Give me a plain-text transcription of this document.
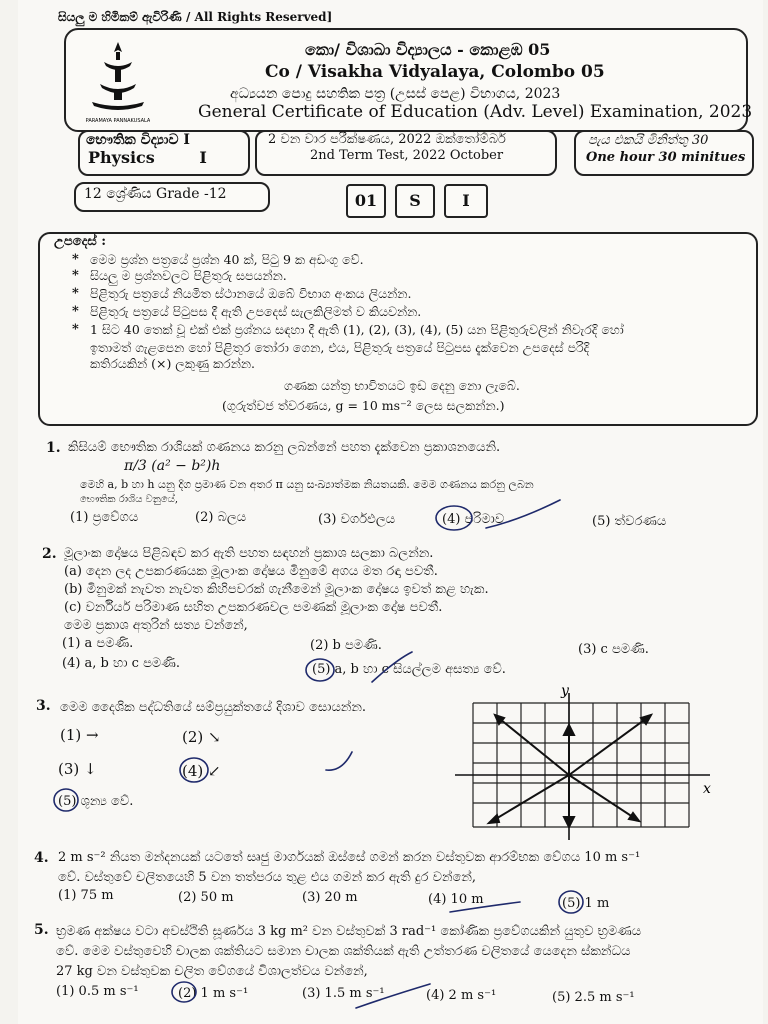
සියලු ම හිමිකම් ඇවිරිණි / All Rights Reserved]
PARAMAYA PANNAKUSALA
කො/ විශාඛා විද්‍යාලය - කොළඹ 05
Co / Visakha Vidyalaya, Colombo 05
අධ්‍යයන පොදු සහතික පත්‍ර (උසස් පෙළ) විභාගය, 2023
General Certificate of Education (Adv. Level) Examination, 2023
භෞතික විද්‍යාව I
Physics        I
2 වන වාර පරීක්ෂණය, 2022 ඔක්තෝම්බර්
2nd Term Test, 2022 October
පැය එකයි මිනිත්තු 30
One hour 30 minitues
12 ශ්‍රේණිය Grade -12	01	S	I
උපදෙස් :
* මෙම ප්‍රශ්න පත්‍රයේ ප්‍රශ්න 40 ක්, පිටු 9 ක අඩංගු වේ.
* සියලු ම ප්‍රශ්නවලට පිළිතුරු සපයන්න.
* පිළිතුරු පත්‍රයේ නියමිත ස්ථානයේ ඔබේ විභාග අංකය ලියන්න.
* පිළිතුරු පත්‍රයේ පිටුපස දී ඇති උපදෙස් සැලකිලිමත් ව කියවන්න.
* 1 සිට 40 තෙක් වූ එක් එක් ප්‍රශ්නය සඳහා දී ඇති (1), (2), (3), (4), (5) යන පිළිතුරුවලින් නිවැරදි හෝ
ඉතාමත් ගැළපෙන හෝ පිළිතුර තෝරා ගෙන, එය, පිළිතුරු පත්‍රයේ පිටුපස දැක්වෙන උපදෙස් පරිදි
කතිරයකින් (×) ලකුණු කරන්න.
ගණක යන්ත්‍ර භාවිතයට ඉඩ දෙනු නො ලැබේ.
(ගුරුත්වජ ත්වරණය, g = 10 ms⁻² ලෙස සලකන්න.)
1. කිසියම් භෞතික රාශියක් ගණනය කරනු ලබන්නේ පහත දැක්වෙන ප්‍රකාශනයෙනි.
π/3 (a² − b²)h
මෙහි a, b හා h යනු දිග ප්‍රමාණ වන අතර π යනු සංඛ්‍යාත්මක නියතයකි. මෙම ගණනය කරනු ලබන
භෞතික රාශිය වනුයේ,
(1) ප්‍රවේගය	(2) බලය	(3) වර්ගඵලය	(4) පරිමාව	(5) ත්වරණය
2. මූලාංක දෝෂය පිළිබඳව කර ඇති පහත සඳහන් ප්‍රකාශ සලකා බලන්න.
(a) දෙන ලද උපකරණයක මූලාංක දෝෂය මිනුමේ අගය මත රඳා පවතී.
(b) මිනුමක් නැවත නැවත කිහිපවරක් ගැනීමෙන් මූලාංක දෝෂය ඉවත් කළ හැක.
(c) වර්නියර් පරිමාණ සහිත උපකරණවල පමණක් මූලාංක දෝෂ පවතී.
මෙම ප්‍රකාශ අතුරින් සත්‍ය වන්නේ,
(1) a පමණි.	(2) b පමණි.	(3) c පමණි.
(4) a, b හා c පමණි.	(5) a, b හා c සියල්ලම අසත්‍ය වේ.
3. මෙම දෛශික පද්ධතියේ සම්ප්‍රයුක්තයේ දිශාව සොයන්න.
(1) →	(2) ↘
(3) ↓	(4) ↙
(5) ශූන්‍ය වේ.
x
y
4. 2 m s⁻² නියත මන්දනයක් යටතේ සෘජු මාර්ගයක් ඔස්සේ ගමන් කරන වස්තුවක ආරම්භක වේගය 10 m s⁻¹
වේ. වස්තුවේ චලිතයෙහි 5 වන තත්පරය තුළ එය ගමන් කර ඇති දුර වන්නේ,
(1) 75 m	(2) 50 m	(3) 20 m	(4) 10 m	(5) 1 m
5. භ්‍රමණ අක්ෂය වටා අවස්ථිති සූර්ණය 3 kg m² වන වස්තුවක් 3 rad⁻¹ කෝණික ප්‍රවේගයකින් යුතුව භ්‍රමණය
වේ. මෙම වස්තුවෙහි චාලක ශක්තියට සමාන චාලක ශක්තියක් ඇති උත්තරණ චලිතයේ යෙදෙන ස්කන්ධය
27 kg වන වස්තුවක චලිත වේගයේ විශාලත්වය වන්නේ,
(1) 0.5 m s⁻¹	(2) 1 m s⁻¹	(3) 1.5 m s⁻¹	(4) 2 m s⁻¹	(5) 2.5 m s⁻¹
